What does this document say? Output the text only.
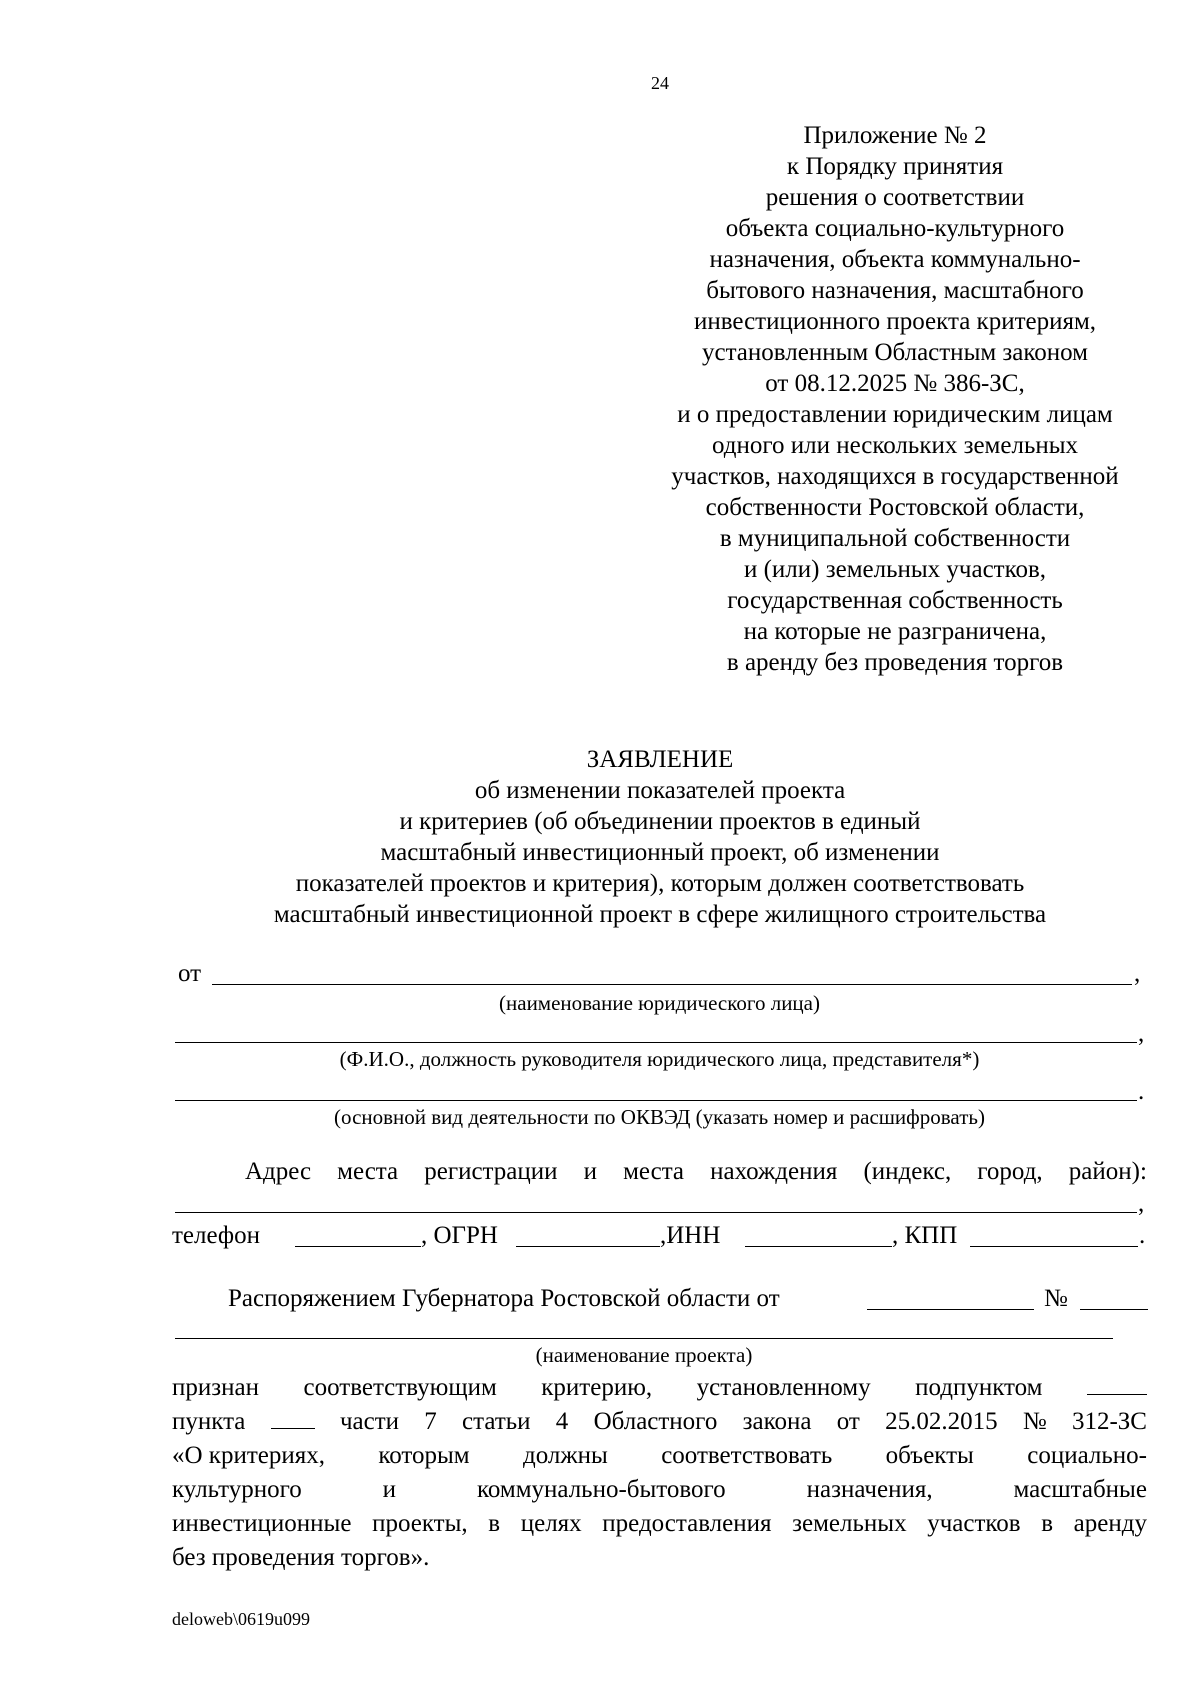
24
Приложение № 2
к Порядку принятия
решения о соответствии
объекта социально-культурного
назначения, объекта коммунально-
бытового назначения, масштабного
инвестиционного проекта критериям,
установленным Областным законом
от 08.12.2025 № 386-ЗС,
и о предоставлении юридическим лицам
одного или нескольких земельных
участков, находящихся в государственной
собственности Ростовской области,
в муниципальной собственности
и (или) земельных участков,
государственная собственность
на которые не разграничена,
в аренду без проведения торгов
ЗАЯВЛЕНИЕ
об изменении показателей проекта
и критериев (об объединении проектов в единый
масштабный инвестиционный проект, об изменении
показателей проектов и критерия), которым должен соответствовать
масштабный инвестиционной проект в сфере жилищного строительства
от	,
(наименование юридического лица)
,
(Ф.И.О., должность руководителя юридического лица, представителя*)
.
(основной вид деятельности по ОКВЭД (указать номер и расшифровать)
Адрес места регистрации и места нахождения (индекс, город, район):
,
телефон	, ОГРН	,ИНН	, КПП	.
Распоряжением Губернатора Ростовской области от	№
(наименование проекта)
признан соответствующим критерию, установленному подпунктом
пункта	части 7 статьи 4 Областного закона от 25.02.2015 № 312-ЗС
«О критериях, которым должны соответствовать объекты социально-
культурного	и	коммунально-бытового	назначения,	масштабные
инвестиционные проекты, в целях предоставления земельных участков в аренду
без проведения торгов».
deloweb\0619u099
